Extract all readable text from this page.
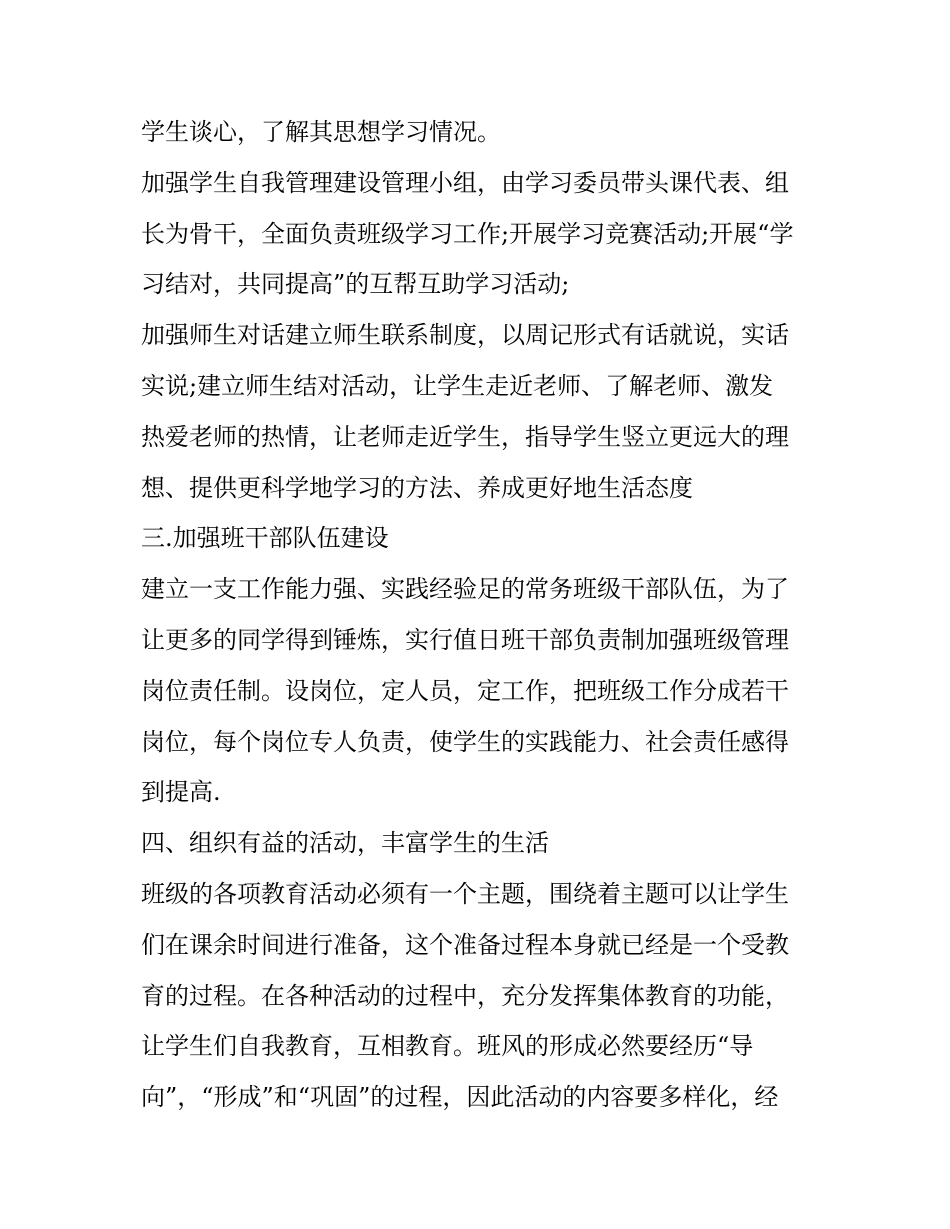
学生谈心，了解其思想学习情况。
加强学生自我管理建设管理小组，由学习委员带头课代表、组
长为骨干，全面负责班级学习工作;开展学习竞赛活动;开展“学
习结对，共同提高”的互帮互助学习活动;
加强师生对话建立师生联系制度，以周记形式有话就说，实话
实说;建立师生结对活动，让学生走近老师、了解老师、激发
热爱老师的热情，让老师走近学生，指导学生竖立更远大的理
想、提供更科学地学习的方法、养成更好地生活态度
三.加强班干部队伍建设
建立一支工作能力强、实践经验足的常务班级干部队伍，为了
让更多的同学得到锤炼，实行值日班干部负责制加强班级管理
岗位责任制。设岗位，定人员，定工作，把班级工作分成若干
岗位，每个岗位专人负责，使学生的实践能力、社会责任感得
到提高.
四、组织有益的活动，丰富学生的生活
班级的各项教育活动必须有一个主题，围绕着主题可以让学生
们在课余时间进行准备，这个准备过程本身就已经是一个受教
育的过程。在各种活动的过程中，充分发挥集体教育的功能，
让学生们自我教育，互相教育。班风的形成必然要经历“导
向”，“形成”和“巩固”的过程，因此活动的内容要多样化，经
